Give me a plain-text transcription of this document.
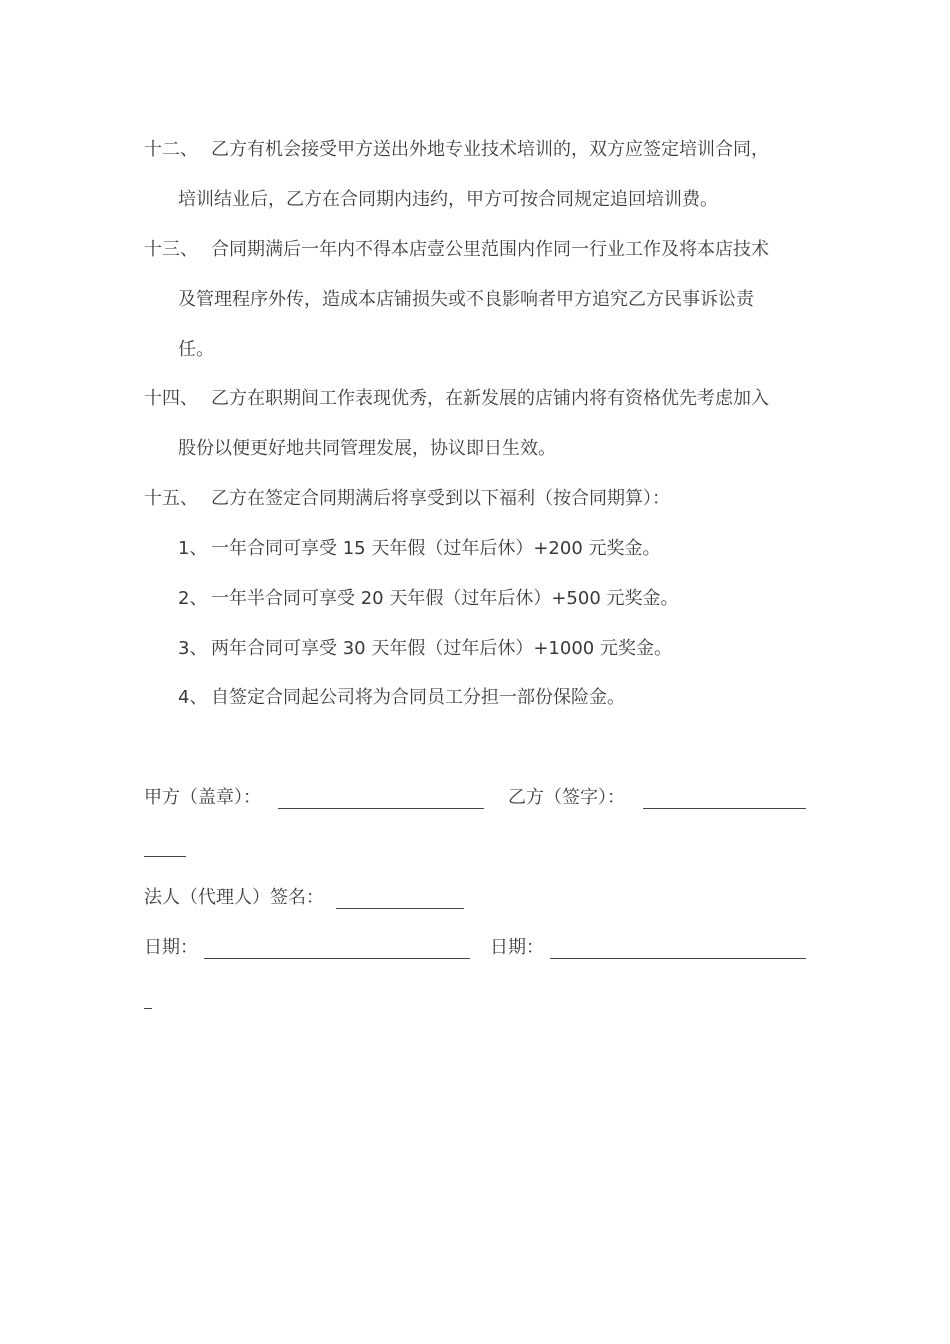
十二、 乙方有机会接受甲方送出外地专业技术培训的，双方应签定培训合同，
培训结业后，乙方在合同期内违约，甲方可按合同规定追回培训费。
十三、 合同期满后一年内不得本店壹公里范围内作同一行业工作及将本店技术
及管理程序外传，造成本店铺损失或不良影响者甲方追究乙方民事诉讼责
任。
十四、 乙方在职期间工作表现优秀，在新发展的店铺内将有资格优先考虑加入
股份以便更好地共同管理发展，协议即日生效。
十五、 乙方在签定合同期满后将享受到以下福利（按合同期算）：
1、 一年合同可享受 15 天年假（过年后休）+200 元奖金。
2、 一年半合同可享受 20 天年假（过年后休）+500 元奖金。
3、 两年合同可享受 30 天年假（过年后休）+1000 元奖金。
4、 自签定合同起公司将为合同员工分担一部份保险金。
甲方（盖章）：	乙方（签字）：
法人（代理人）签名：
日期：	日期：
